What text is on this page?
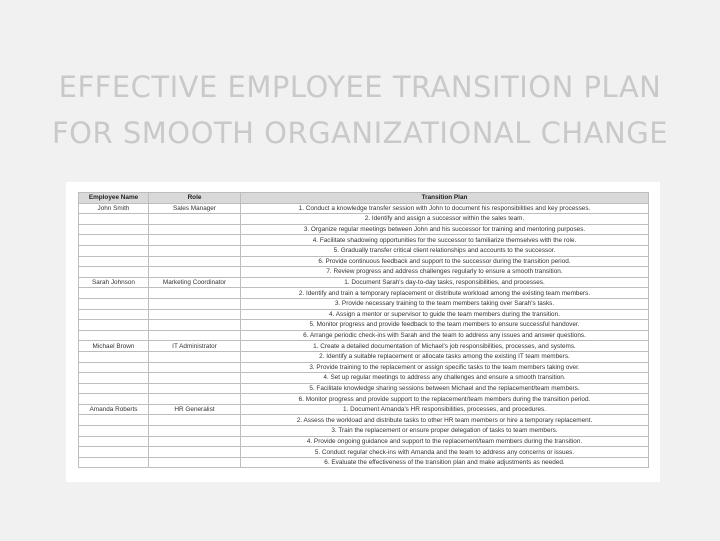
EFFECTIVE EMPLOYEE TRANSITION PLAN
FOR SMOOTH ORGANIZATIONAL CHANGE
Employee Name	Role	Transition Plan
John Smith	Sales Manager	1. Conduct a knowledge transfer session with John to document his responsibilities and key processes.
		2. Identify and assign a successor within the sales team.
		3. Organize regular meetings between John and his successor for training and mentoring purposes.
		4. Facilitate shadowing opportunities for the successor to familiarize themselves with the role.
		5. Gradually transfer critical client relationships and accounts to the successor.
		6. Provide continuous feedback and support to the successor during the transition period.
		7. Review progress and address challenges regularly to ensure a smooth transition.
Sarah Johnson	Marketing Coordinator	1. Document Sarah's day-to-day tasks, responsibilities, and processes.
		2. Identify and train a temporary replacement or distribute workload among the existing team members.
		3. Provide necessary training to the team members taking over Sarah's tasks.
		4. Assign a mentor or supervisor to guide the team members during the transition.
		5. Monitor progress and provide feedback to the team members to ensure successful handover.
		6. Arrange periodic check-ins with Sarah and the team to address any issues and answer questions.
Michael Brown	IT Administrator	1. Create a detailed documentation of Michael's job responsibilities, processes, and systems.
		2. Identify a suitable replacement or allocate tasks among the existing IT team members.
		3. Provide training to the replacement or assign specific tasks to the team members taking over.
		4. Set up regular meetings to address any challenges and ensure a smooth transition.
		5. Facilitate knowledge sharing sessions between Michael and the replacement/team members.
		6. Monitor progress and provide support to the replacement/team members during the transition period.
Amanda Roberts	HR Generalist	1. Document Amanda's HR responsibilities, processes, and procedures.
		2. Assess the workload and distribute tasks to other HR team members or hire a temporary replacement.
		3. Train the replacement or ensure proper delegation of tasks to team members.
		4. Provide ongoing guidance and support to the replacement/team members during the transition.
		5. Conduct regular check-ins with Amanda and the team to address any concerns or issues.
		6. Evaluate the effectiveness of the transition plan and make adjustments as needed.
